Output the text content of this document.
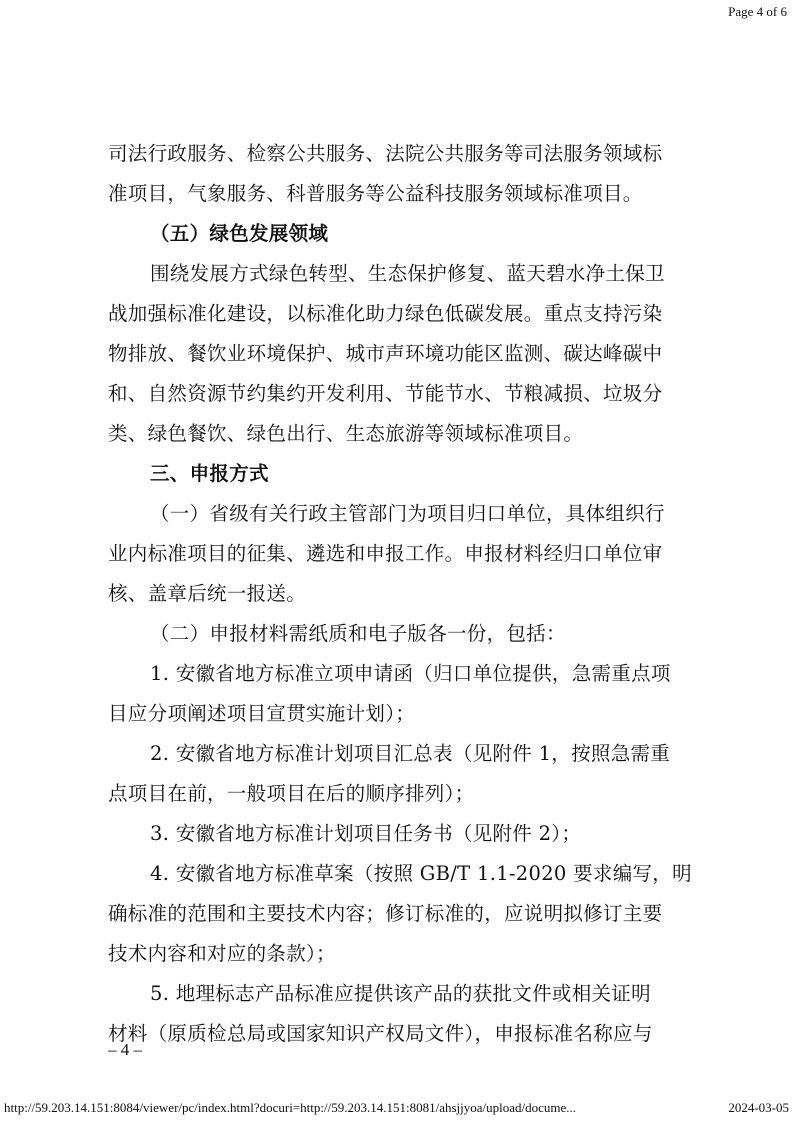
Page 4 of 6
司法行政服务、检察公共服务、法院公共服务等司法服务领域标
准项目，气象服务、科普服务等公益科技服务领域标准项目。
（五）绿色发展领域
围绕发展方式绿色转型、生态保护修复、蓝天碧水净土保卫
战加强标准化建设，以标准化助力绿色低碳发展。重点支持污染
物排放、餐饮业环境保护、城市声环境功能区监测、碳达峰碳中
和、自然资源节约集约开发利用、节能节水、节粮减损、垃圾分
类、绿色餐饮、绿色出行、生态旅游等领域标准项目。
三、申报方式
（一）省级有关行政主管部门为项目归口单位，具体组织行
业内标准项目的征集、遴选和申报工作。申报材料经归口单位审
核、盖章后统一报送。
（二）申报材料需纸质和电子版各一份，包括：
1. 安徽省地方标准立项申请函（归口单位提供，急需重点项
目应分项阐述项目宣贯实施计划）；
2. 安徽省地方标准计划项目汇总表（见附件 1，按照急需重
点项目在前，一般项目在后的顺序排列）；
3. 安徽省地方标准计划项目任务书（见附件 2）；
4. 安徽省地方标准草案（按照 GB/T 1.1-2020 要求编写，明
确标准的范围和主要技术内容；修订标准的，应说明拟修订主要
技术内容和对应的条款）；
5. 地理标志产品标准应提供该产品的获批文件或相关证明
材料（原质检总局或国家知识产权局文件），申报标准名称应与
– 4 –
http://59.203.14.151:8084/viewer/pc/index.html?docuri=http://59.203.14.151:8081/ahsjjyoa/upload/docume...	2024-03-05
